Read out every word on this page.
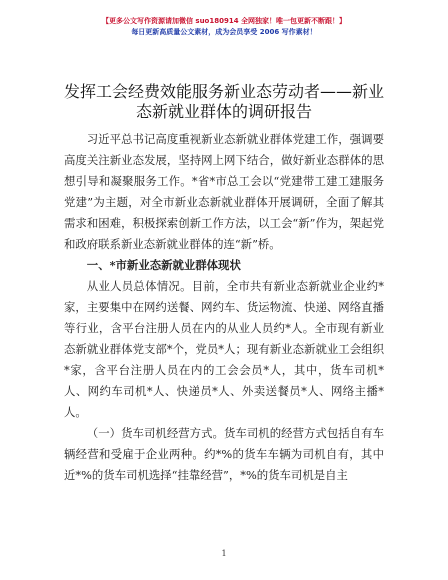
【更多公文写作资源请加微信 suo180914 全网独家！唯一包更新不断跟！】
每日更新高质量公文素材，成为会员享受 2006 写作素材！
发挥工会经费效能服务新业态劳动者——新业态新就业群体的调研报告

习近平总书记高度重视新业态新就业群体党建工作，强调要高度关注新业态发展，坚持网上网下结合，做好新业态群体的思想引导和凝聚服务工作。*省*市总工会以“党建带工建工建服务党建”为主题，对全市新业态新就业群体开展调研，全面了解其需求和困难，积极探索创新工作方法，以工会“新”作为，架起党和政府联系新业态新就业群体的连“新”桥。

一、*市新业态新就业群体现状

从业人员总体情况。目前，全市共有新业态新就业企业约*家，主要集中在网约送餐、网约车、货运物流、快递、网络直播等行业，含平台注册人员在内的从业人员约*人。全市现有新业态新就业群体党支部*个，党员*人；现有新业态新就业工会组织*家，含平台注册人员在内的工会会员*人，其中，货车司机*人、网约车司机*人、快递员*人、外卖送餐员*人、网络主播*人。

（一）货车司机经营方式。货车司机的经营方式包括自有车辆经营和受雇于企业两种。约*%的货车车辆为司机自有，其中近*%的货车司机选择“挂靠经营”，*%的货车司机是自主

1
